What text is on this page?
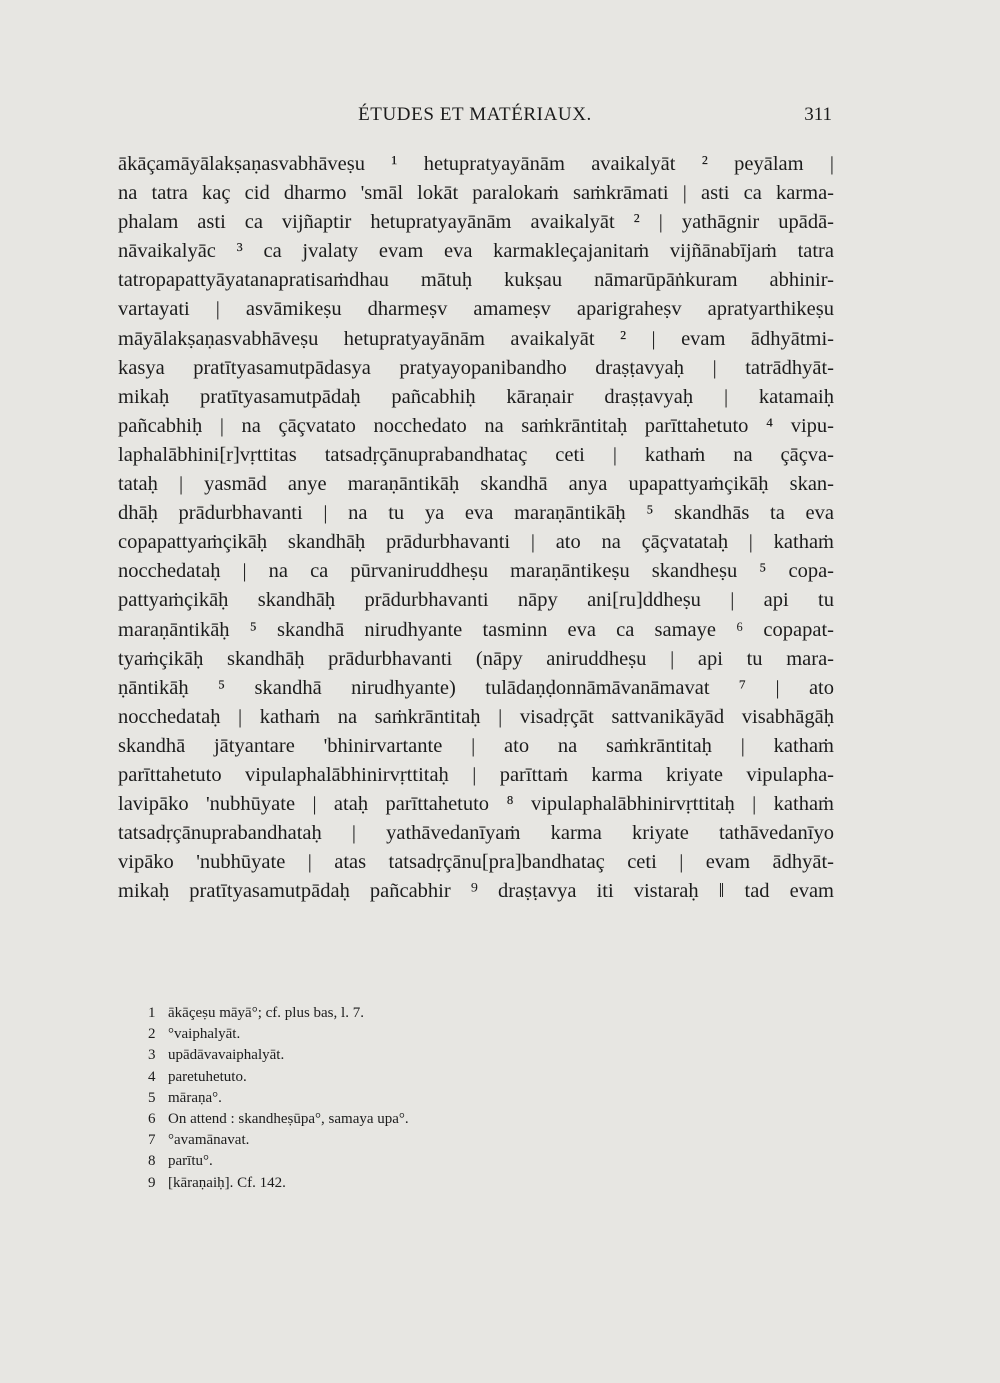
ÉTUDES ET MATÉRIAUX.	311
ākāçamāyālakṣaṇasvabhāveṣu ¹ hetupratyayānām avaikalyāt ² peyālam |
na tatra kaç cid dharmo 'smāl lokāt paralokaṁ saṁkrāmati | asti ca karma-
phalam asti ca vijñaptir hetupratyayānām avaikalyāt ² | yathāgnir upādā-
nāvaikalyāc ³ ca jvalaty evam eva karmakleçajanitaṁ vijñānabījaṁ tatra
tatropapattyāyatanapratisaṁdhau mātuḥ kukṣau nāmarūpāṅkuram abhinir-
vartayati | asvāmikeṣu dharmeṣv amameṣv aparigraheṣv apratyarthikeṣu
māyālakṣaṇasvabhāveṣu hetupratyayānām avaikalyāt ² | evam ādhyātmi-
kasya pratītyasamutpādasya pratyayopanibandho draṣṭavyaḥ | tatrādhyāt-
mikaḥ pratītyasamutpādaḥ pañcabhiḥ kāraṇair draṣṭavyaḥ | katamaiḥ
pañcabhiḥ | na çāçvatato nocchedato na saṁkrāntitaḥ parīttahetuto ⁴ vipu-
laphalābhini[r]vṛttitas tatsadṛçānuprabandhataç ceti | kathaṁ na çāçva-
tataḥ | yasmād anye maraṇāntikāḥ skandhā anya upapattyaṁçikāḥ skan-
dhāḥ prādurbhavanti | na tu ya eva maraṇāntikāḥ ⁵ skandhās ta eva
copapattyaṁçikāḥ skandhāḥ prādurbhavanti | ato na çāçvatataḥ | kathaṁ
nocchedataḥ | na ca pūrvaniruddheṣu maraṇāntikeṣu skandheṣu ⁵ copa-
pattyaṁçikāḥ skandhāḥ prādurbhavanti nāpy ani[ru]ddheṣu | api tu
maraṇāntikāḥ ⁵ skandhā nirudhyante tasminn eva ca samaye ⁶ copapat-
tyaṁçikāḥ skandhāḥ prādurbhavanti (nāpy aniruddheṣu | api tu mara-
ṇāntikāḥ ⁵ skandhā nirudhyante) tulādaṇḍonnāmāvanāmavat ⁷ | ato
nocchedataḥ | kathaṁ na saṁkrāntitaḥ | visadṛçāt sattvanikāyād visabhāgāḥ
skandhā jātyantare 'bhinirvartante | ato na saṁkrāntitaḥ | kathaṁ
parīttahetuto vipulaphalābhinirvṛttitaḥ | parīttaṁ karma kriyate vipulapha-
lavipāko 'nubhūyate | ataḥ parīttahetuto ⁸ vipulaphalābhinirvṛttitaḥ | kathaṁ
tatsadṛçānuprabandhataḥ | yathāvedanīyaṁ karma kriyate tathāvedanīyo
vipāko 'nubhūyate | atas tatsadṛçānu[pra]bandhataç ceti | evam ādhyāt-
mikaḥ pratītyasamutpādaḥ pañcabhir ⁹ draṣṭavya iti vistaraḥ ‖ tad evam
1 ākāçeṣu māyā°; cf. plus bas, l. 7.
2 °vaiphalyāt.
3 upādāvavaiphalyāt.
4 paretuhetuto.
5 māraṇa°.
6 On attend : skandheṣūpa°, samaya upa°.
7 °avamānavat.
8 parītu°.
9 [kāraṇaiḥ]. Cf. 142.
